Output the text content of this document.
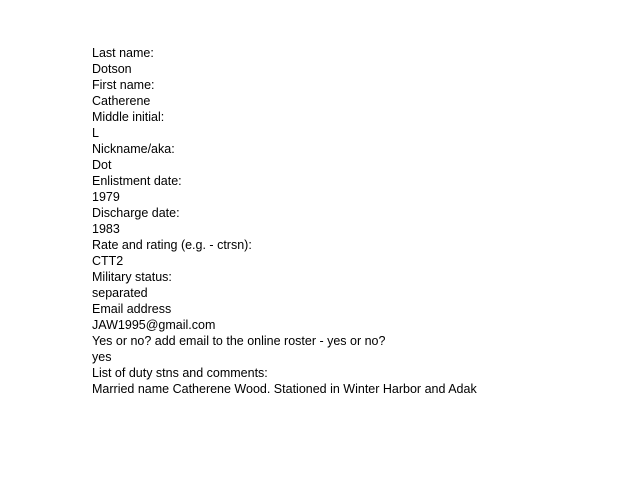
Last name:
Dotson
First name:
Catherene
Middle initial:
L
Nickname/aka:
Dot
Enlistment date:
1979
Discharge date:
1983
Rate and rating (e.g. - ctrsn):
CTT2
Military status:
separated
Email address
JAW1995@gmail.com
Yes or no? add email to the online roster - yes or no?
yes
List of duty stns and comments:
Married name Catherene Wood. Stationed in Winter Harbor and Adak
